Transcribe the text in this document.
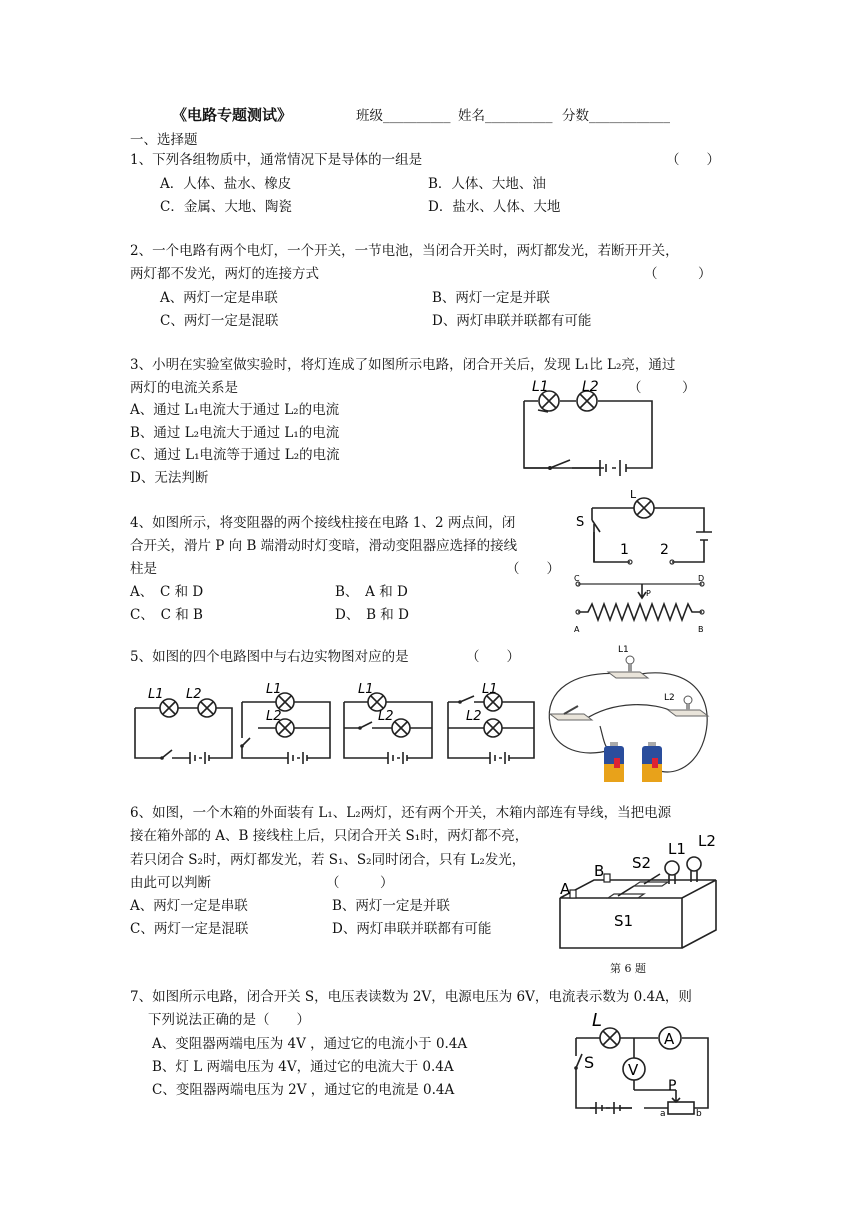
《电路专题测试》	班级__________ 姓名__________ 分数____________
一、选择题
1、下列各组物质中，通常情况下是导体的一组是	（　　）
A．人体、盐水、橡皮	B．人体、大地、油
C．金属、大地、陶瓷	D．盐水、人体、大地
2、一个电路有两个电灯，一个开关，一节电池，当闭合开关时，两灯都发光，若断开开关，
两灯都不发光，两灯的连接方式	（　　　）
A、两灯一定是串联	B、两灯一定是并联
C、两灯一定是混联	D、两灯串联并联都有可能
3、小明在实验室做实验时，将灯连成了如图所示电路，闭合开关后，发现 L₁比 L₂亮，通过
两灯的电流关系是	（　　　）
A、通过 L₁电流大于通过 L₂的电流
B、通过 L₂电流大于通过 L₁的电流
C、通过 L₁电流等于通过 L₂的电流
D、无法判断
L1 L2
4、如图所示，将变阻器的两个接线柱接在电路 1、2 两点间，闭
合开关，滑片 P 向 B 端滑动时灯变暗，滑动变阻器应选择的接线
柱是	（　　）
A、　C 和 D	B、　A 和 D
C、　C 和 B	D、　B 和 D
L
S
1 2
C	D
P
A	B
5、如图的四个电路图中与右边实物图对应的是	（　　）
L1 L2	L1
L2
L1
L2
L1
L2
L1
L2
6、如图，一个木箱的外面装有 L₁、L₂两灯，还有两个开关，木箱内部连有导线，当把电源
接在箱外部的 A、B 接线柱上后，只闭合开关 S₁时，两灯都不亮，
若只闭合 S₂时，两灯都发光，若 S₁、S₂同时闭合，只有 L₂发光，
由此可以判断	（　　　）
A、两灯一定是串联	B、两灯一定是并联
C、两灯一定是混联	D、两灯串联并联都有可能
A
B
S1
S2
L1 L2
第 6 题
7、如图所示电路，闭合开关 S，电压表读数为 2V，电源电压为 6V，电流表示数为 0.4A，则
下列说法正确的是（　　）
A、变阻器两端电压为 4V ，通过它的电流小于 0.4A
B、灯 L 两端电压为 4V，通过它的电流大于 0.4A
C、变阻器两端电压为 2V ，通过它的电流是 0.4A
L
A
V
S
P
a	b
